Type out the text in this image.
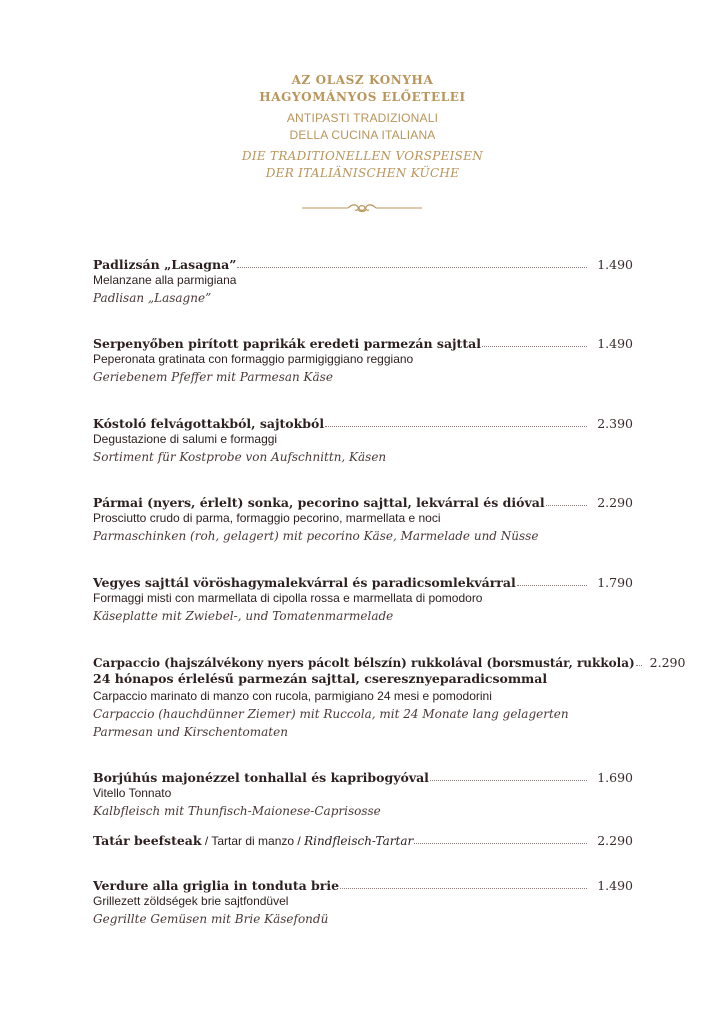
AZ OLASZ KONYHA
HAGYOMÁNYOS ELŐETELEI
ANTIPASTI TRADIZIONALI
DELLA CUCINA ITALIANA
DIE TRADITIONELLEN VORSPEISEN
DER ITALIÄNISCHEN KÜCHE
Padlizsán „Lasagna”	1.490
Melanzane alla parmigiana
Padlisan „Lasagne”
Serpenyőben pirított paprikák eredeti parmezán sajttal	1.490
Peperonata gratinata con formaggio parmigiggiano reggiano
Geriebenem Pfeffer mit Parmesan Käse
Kóstoló felvágottakból, sajtokból	2.390
Degustazione di salumi e formaggi
Sortiment für Kostprobe von Aufschnittn, Käsen
Pármai (nyers, érlelt) sonka, pecorino sajttal, lekvárral és dióval	2.290
Prosciutto crudo di parma, formaggio pecorino, marmellata e noci
Parmaschinken (roh, gelagert) mit pecorino Käse, Marmelade und Nüsse
Vegyes sajttál vöröshagymalekvárral és paradicsomlekvárral	1.790
Formaggi misti con marmellata di cipolla rossa e marmellata di pomodoro
Käseplatte mit Zwiebel-, und Tomatenmarmelade
Carpaccio (hajszálvékony nyers pácolt bélszín) rukkolával (borsmustár, rukkola) 2.290
24 hónapos érlelésű parmezán sajttal, cseresznyeparadicsommal
Carpaccio marinato di manzo con rucola, parmigiano 24 mesi e pomodorini
Carpaccio (hauchdünner Ziemer) mit Ruccola, mit 24 Monate lang gelagerten
Parmesan und Kirschentomaten
Borjúhús majonézzel tonhallal és kapribogyóval	1.690
Vitello Tonnato
Kalbfleisch mit Thunfisch-Maionese-Caprisosse
Tatár beefsteak / Tartar di manzo / Rindfleisch-Tartar	2.290
Verdure alla griglia in tonduta brie	1.490
Grillezett zöldségek brie sajtfondüvel
Gegrillte Gemüsen mit Brie Käsefondü
